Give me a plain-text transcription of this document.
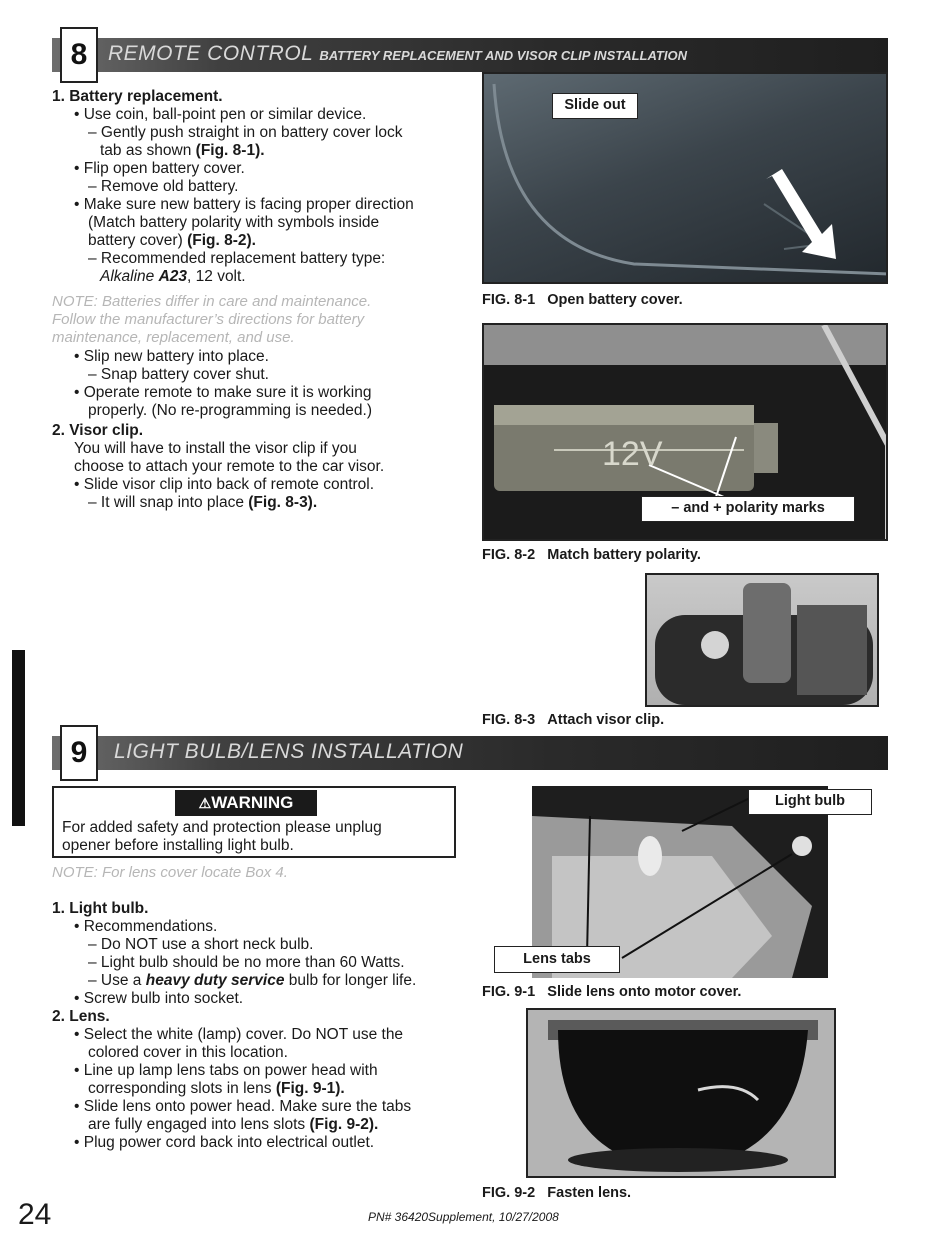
8 REMOTE CONTROL BATTERY REPLACEMENT AND VISOR CLIP INSTALLATION
1. Battery replacement.
• Use coin, ball-point pen or similar device.
– Gently push straight in on battery cover lock
tab as shown (Fig. 8-1).
• Flip open battery cover.
– Remove old battery.
• Make sure new battery is facing proper direction
(Match battery polarity with symbols inside
battery cover) (Fig. 8-2).
– Recommended replacement battery type:
Alkaline A23, 12 volt.
NOTE: Batteries differ in care and maintenance.
Follow the manufacturer’s directions for battery
maintenance, replacement, and use.
• Slip new battery into place.
– Snap battery cover shut.
• Operate remote to make sure it is working
properly. (No re-programming is needed.)
2. Visor clip.
You will have to install the visor clip if you
choose to attach your remote to the car visor.
• Slide visor clip into back of remote control.
– It will snap into place (Fig. 8-3).
Slide out
FIG. 8-1 Open battery cover.
12V
– and + polarity marks
FIG. 8-2 Match battery polarity.
FIG. 8-3 Attach visor clip.
9	LIGHT BULB/LENS INSTALLATION
⚠WARNING
For added safety and protection please unplug
opener before installing light bulb.
NOTE: For lens cover locate Box 4.
1. Light bulb.
• Recommendations.
– Do NOT use a short neck bulb.
– Light bulb should be no more than 60 Watts.
– Use a heavy duty service bulb for longer life.
• Screw bulb into socket.
2. Lens.
• Select the white (lamp) cover. Do NOT use the
colored cover in this location.
• Line up lamp lens tabs on power head with
corresponding slots in lens (Fig. 9-1).
• Slide lens onto power head. Make sure the tabs
are fully engaged into lens slots (Fig. 9-2).
• Plug power cord back into electrical outlet.
Light bulb
Lens tabs
FIG. 9-1 Slide lens onto motor cover.
FIG. 9-2 Fasten lens.
24	PN# 36420Supplement, 10/27/2008
